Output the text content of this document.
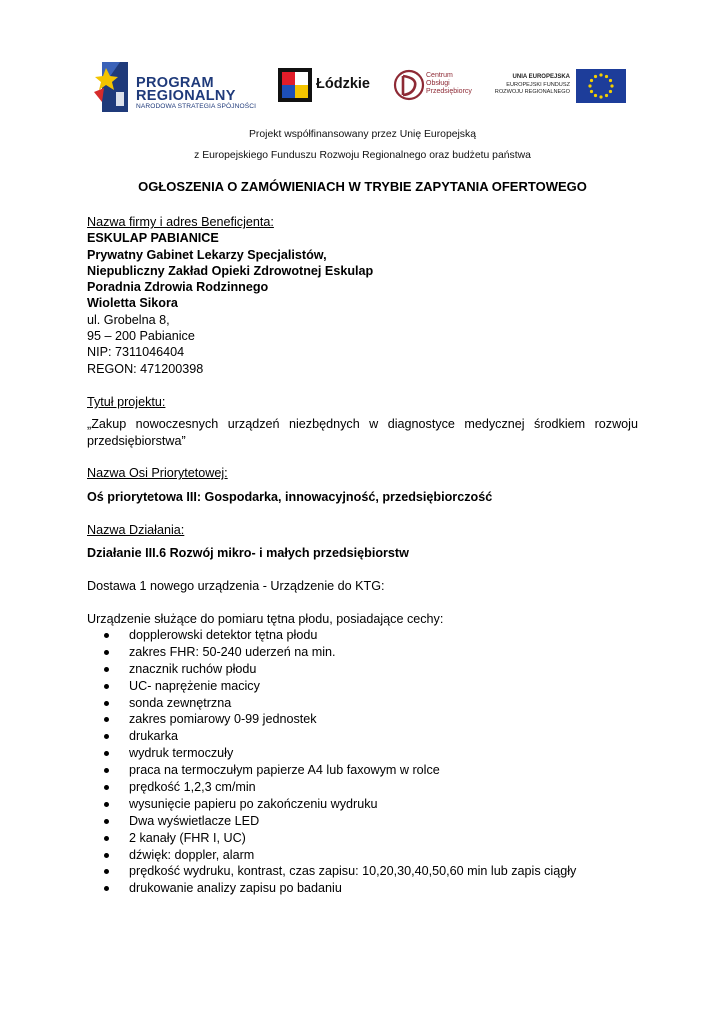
PROGRAM
REGIONALNY
NARODOWA STRATEGIA SPÓJNOŚCI
Łódzkie
Centrum
Obsługi
Przedsiębiorcy
UNIA EUROPEJSKA
EUROPEJSKI FUNDUSZ
ROZWOJU REGIONALNEGO
Projekt współfinansowany przez Unię Europejską
z Europejskiego Funduszu Rozwoju Regionalnego oraz budżetu państwa
OGŁOSZENIA O ZAMÓWIENIACH W TRYBIE ZAPYTANIA OFERTOWEGO
Nazwa firmy i adres Beneficjenta:
ESKULAP PABIANICE
Prywatny Gabinet Lekarzy Specjalistów,
Niepubliczny Zakład Opieki Zdrowotnej Eskulap
Poradnia Zdrowia Rodzinnego
Wioletta Sikora
ul. Grobelna 8,
95 – 200 Pabianice
NIP: 7311046404
REGON: 471200398
Tytuł projektu:
„Zakup nowoczesnych urządzeń niezbędnych w diagnostyce medycznej środkiem rozwoju przedsiębiorstwa”
Nazwa Osi Priorytetowej:
Oś priorytetowa III: Gospodarka, innowacyjność, przedsiębiorczość
Nazwa Działania:
Działanie III.6 Rozwój mikro- i małych przedsiębiorstw
Dostawa 1 nowego urządzenia - Urządzenie do KTG:
Urządzenie służące do pomiaru tętna płodu, posiadające cechy:
dopplerowski detektor tętna płodu
zakres FHR: 50-240 uderzeń na min.
znacznik ruchów płodu
UC- naprężenie macicy
sonda zewnętrzna
zakres pomiarowy 0-99 jednostek
drukarka
wydruk termoczuły
praca na termoczułym papierze A4 lub faxowym w rolce
prędkość 1,2,3 cm/min
wysunięcie papieru po zakończeniu wydruku
Dwa wyświetlacze LED
2 kanały (FHR I, UC)
dźwięk: doppler, alarm
prędkość wydruku, kontrast, czas zapisu: 10,20,30,40,50,60 min lub zapis ciągły
drukowanie analizy zapisu po badaniu
